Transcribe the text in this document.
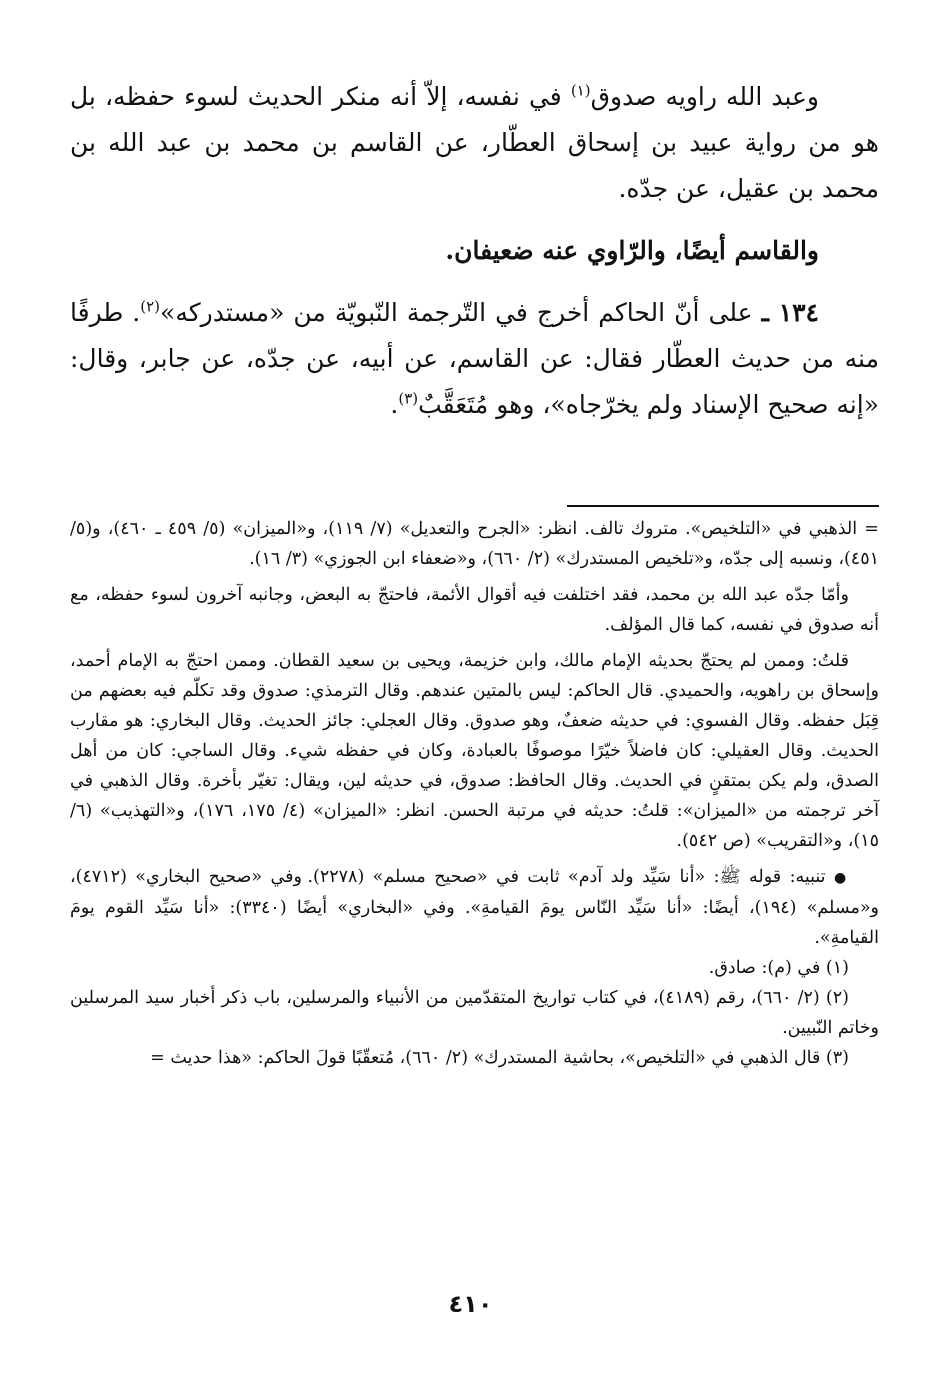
وعبد الله راويه صدوق$^{(١)}$ في نفسه، إلاّ أنه منكر الحديث لسوء حفظه، بل هو من رواية عبيد بن إسحاق العطّار، عن القاسم بن محمد بن عبد الله بن محمد بن عقيل، عن جدّه.

والقاسم أيضًا، والرّاوي عنه ضعيفان.

١٣٤ ـ على أنّ الحاكم أخرج في التّرجمة النّبويّة من «مستدركه»$^{(٢)}$. طرفًا منه من حديث العطّار فقال: عن القاسم، عن أبيه، عن جدّه، عن جابر، وقال: «إنه صحيح الإسناد ولم يخرّجاه»، وهو مُتَعَقَّبٌ$^{(٣)}$.

= الذهبي في «التلخيص». متروك تالف. انظر: «الجرح والتعديل» (٧/ ١١٩)، و«الميزان» (٥/ ٤٥٩ ـ ٤٦٠)، و(٥/ ٤٥١)، ونسبه إلى جدّه، و«تلخيص المستدرك» (٢/ ٦٦٠)، و«ضعفاء ابن الجوزي» (٣/ ١٦).

وأمّا جدّه عبد الله بن محمد، فقد اختلفت فيه أقوال الأئمة، فاحتجّ به البعض، وجانبه آخرون لسوء حفظه، مع أنه صدوق في نفسه، كما قال المؤلف.

قلتُ: وممن لم يحتجّ بحديثه الإمام مالك، وابن خزيمة، ويحيى بن سعيد القطان. وممن احتجّ به الإمام أحمد، وإسحاق بن راهويه، والحميدي. قال الحاكم: ليس بالمتين عندهم. وقال الترمذي: صدوق وقد تكلّم فيه بعضهم من قِبَل حفظه. وقال الفسوي: في حديثه ضعفٌ، وهو صدوق. وقال العجلي: جائز الحديث. وقال البخاري: هو مقارب الحديث. وقال العقيلي: كان فاضلاً خيّرًا موصوفًا بالعبادة، وكان في حفظه شيء. وقال الساجي: كان من أهل الصدق، ولم يكن بمتقنٍ في الحديث. وقال الحافظ: صدوق، في حديثه لين، ويقال: تغيّر بأخرة. وقال الذهبي في آخر ترجمته من «الميزان»: قلتُ: حديثه في مرتبة الحسن. انظر: «الميزان» (٤/ ١٧٥، ١٧٦)، و«التهذيب» (٦/ ١٥)، و«التقريب» (ص ٥٤٢).

● تنبيه: قوله ﷺ: «أنا سَيِّد ولد آدم» ثابت في «صحيح مسلم» (٢٢٧٨). وفي «صحيح البخاري» (٤٧١٢)، و«مسلم» (١٩٤)، أيضًا: «أنا سَيِّد النّاس يومَ القيامةِ». وفي «البخاري» أيضًا (٣٣٤٠): «أنا سَيِّد القوم يومَ القيامةِ».

(١) في (م): صادق.

(٢) (٢/ ٦٦٠)، رقم (٤١٨٩)، في كتاب تواريخ المتقدّمين من الأنبياء والمرسلين، باب ذكر أخبار سيد المرسلين وخاتم النّبيين.

(٣) قال الذهبي في «التلخيص»، بحاشية المستدرك» (٢/ ٦٦٠)، مُتعقّبًا قولَ الحاكم: «هذا حديث =

٤١٠
